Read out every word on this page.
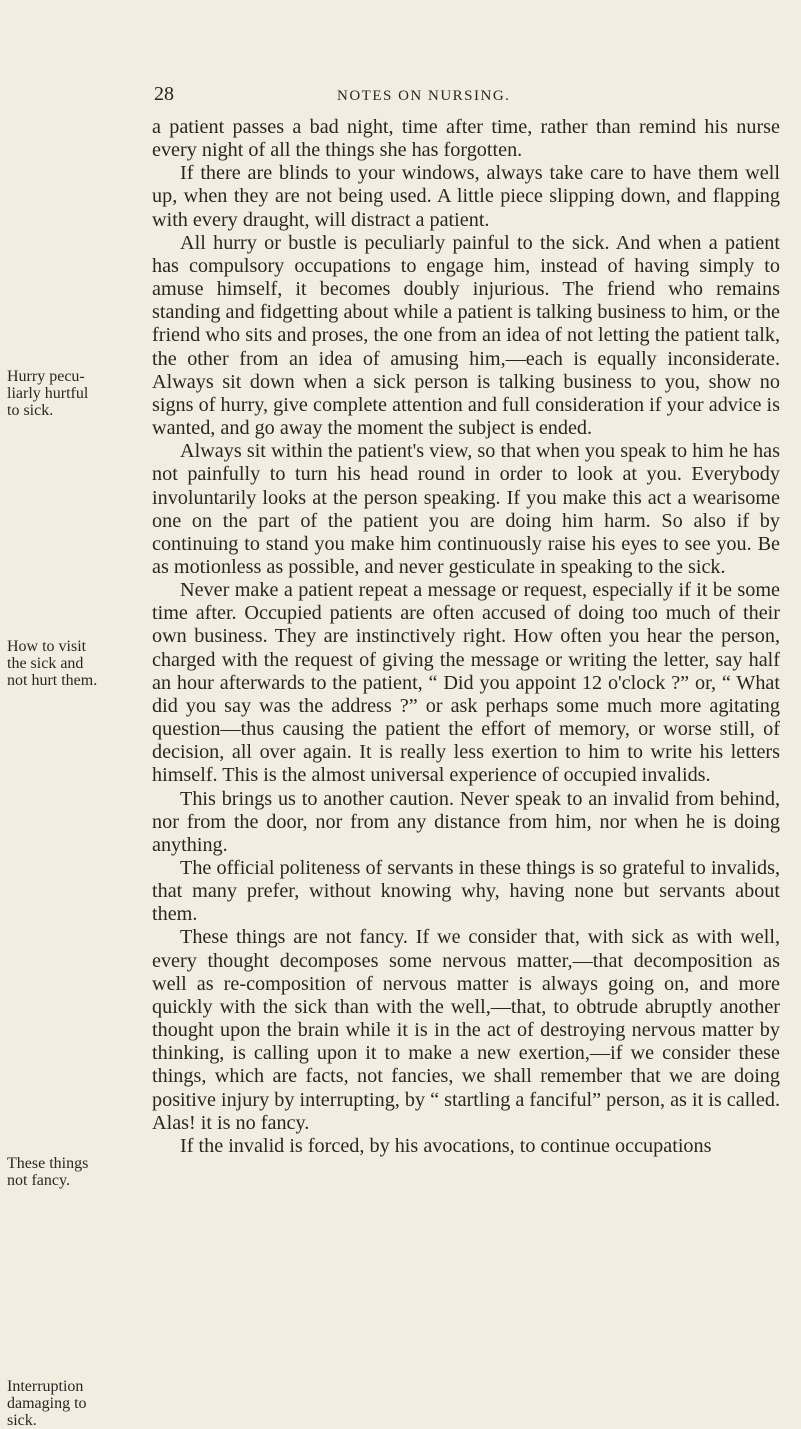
28	NOTES ON NURSING.
Hurry pecu-
liarly hurtful
to sick.
How to visit
the sick and
not hurt them.
These things
not fancy.
Interruption
damaging to
sick.

a patient passes a bad night, time after time, rather than remind his nurse every night of all the things she has forgotten.

If there are blinds to your windows, always take care to have them well up, when they are not being used. A little piece slipping down, and flapping with every draught, will distract a patient.

All hurry or bustle is peculiarly painful to the sick. And when a patient has compulsory occupations to engage him, instead of having simply to amuse himself, it becomes doubly injurious. The friend who remains standing and fidgetting about while a patient is talking business to him, or the friend who sits and proses, the one from an idea of not letting the patient talk, the other from an idea of amusing him,—each is equally inconsiderate. Always sit down when a sick person is talking business to you, show no signs of hurry, give complete attention and full consideration if your advice is wanted, and go away the moment the subject is ended.

Always sit within the patient's view, so that when you speak to him he has not painfully to turn his head round in order to look at you. Everybody involuntarily looks at the person speaking. If you make this act a wearisome one on the part of the patient you are doing him harm. So also if by continuing to stand you make him continuously raise his eyes to see you. Be as motionless as possible, and never gesticulate in speaking to the sick.

Never make a patient repeat a message or request, especially if it be some time after. Occupied patients are often accused of doing too much of their own business. They are instinctively right. How often you hear the person, charged with the request of giving the message or writing the letter, say half an hour afterwards to the patient, “ Did you appoint 12 o'clock ?” or, “ What did you say was the address ?” or ask perhaps some much more agitating question—thus causing the patient the effort of memory, or worse still, of decision, all over again. It is really less exertion to him to write his letters himself. This is the almost universal experience of occupied invalids.

This brings us to another caution. Never speak to an invalid from behind, nor from the door, nor from any distance from him, nor when he is doing anything.

The official politeness of servants in these things is so grateful to invalids, that many prefer, without knowing why, having none but servants about them.

These things are not fancy. If we consider that, with sick as with well, every thought decomposes some nervous matter,—that decomposition as well as re-composition of nervous matter is always going on, and more quickly with the sick than with the well,—that, to obtrude abruptly another thought upon the brain while it is in the act of destroying nervous matter by thinking, is calling upon it to make a new exertion,—if we consider these things, which are facts, not fancies, we shall remember that we are doing positive injury by interrupting, by “ startling a fanciful” person, as it is called. Alas! it is no fancy.

If the invalid is forced, by his avocations, to continue occupations
